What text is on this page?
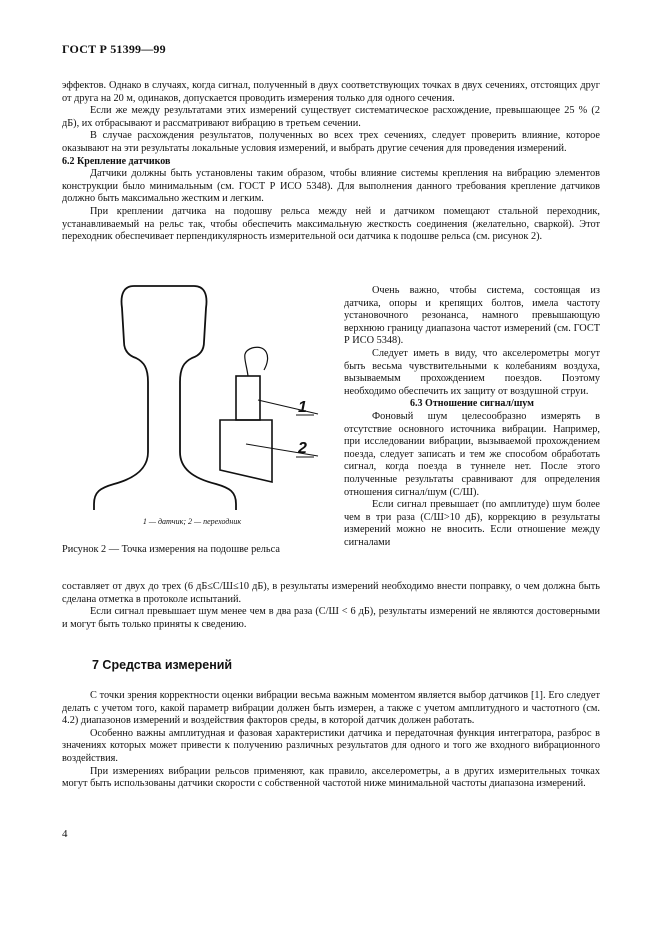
ГОСТ Р 51399—99

эффектов. Однако в случаях, когда сигнал, полученный в двух соответствующих точках в двух сечениях, отстоящих друг от друга на 20 м, одинаков, допускается проводить измерения только для одного сечения.

Если же между результатами этих измерений существует систематическое расхождение, превышающее 25 % (2 дБ), их отбрасывают и рассматривают вибрацию в третьем сечении.

В случае расхождения результатов, полученных во всех трех сечениях, следует проверить влияние, которое оказывают на эти результаты локальные условия измерений, и выбрать другие сечения для проведения измерений.

6.2 Крепление датчиков

Датчики должны быть установлены таким образом, чтобы влияние системы крепления на вибрацию элементов конструкции было минимальным (см. ГОСТ Р ИСО 5348). Для выполнения данного требования крепление датчиков должно быть максимально жестким и легким.

При креплении датчика на подошву рельса между ней и датчиком помещают стальной переходник, устанавливаемый на рельс так, чтобы обеспечить максимальную жесткость соединения (желательно, сваркой). Этот переходник обеспечивает перпендикулярность измерительной оси датчика к подошве рельса (см. рисунок 2).

Очень важно, чтобы система, состоящая из датчика, опоры и крепящих болтов, имела частоту установочного резонанса, намного превышающую верхнюю границу диапазона частот измерений (см. ГОСТ Р ИСО 5348).

Следует иметь в виду, что акселерометры могут быть весьма чувствительными к колебаниям воздуха, вызываемым прохождением поездов. Поэтому необходимо обеспечить их защиту от воздушной струи.

6.3 Отношение сигнал/шум

Фоновый шум целесообразно измерять в отсутствие основного источника вибрации. Например, при исследовании вибрации, вызываемой прохождением поезда, следует записать и тем же способом обработать сигнал, когда поезда в туннеле нет. После этого полученные результаты сравнивают для определения отношения сигнал/шум (С/Ш).

Если сигнал превышает (по амплитуде) шум более чем в три раза (С/Ш>10 дБ), коррекцию в результаты измерений можно не вносить. Если отношение между сигналами

1
2
1 — датчик; 2 — переходник
Рисунок 2 — Точка измерения на подошве рельса

составляет от двух до трех (6 дБ≤С/Ш≤10 дБ), в результаты измерений необходимо внести поправку, о чем должна быть сделана отметка в протоколе испытаний.

Если сигнал превышает шум менее чем в два раза (С/Ш < 6 дБ), результаты измерений не являются достоверными и могут быть только приняты к сведению.

7 Средства измерений

С точки зрения корректности оценки вибрации весьма важным моментом является выбор датчиков [1]. Его следует делать с учетом того, какой параметр вибрации должен быть измерен, а также с учетом амплитудного и частотного (см. 4.2) диапазонов измерений и воздействия факторов среды, в которой датчик должен работать.

Особенно важны амплитудная и фазовая характеристики датчика и передаточная функция интегратора, разброс в значениях которых может привести к получению различных результатов для одного и того же входного вибрационного воздействия.

При измерениях вибрации рельсов применяют, как правило, акселерометры, а в других измерительных точках могут быть использованы датчики скорости с собственной частотой ниже минимальной частоты диапазона измерений.

4
